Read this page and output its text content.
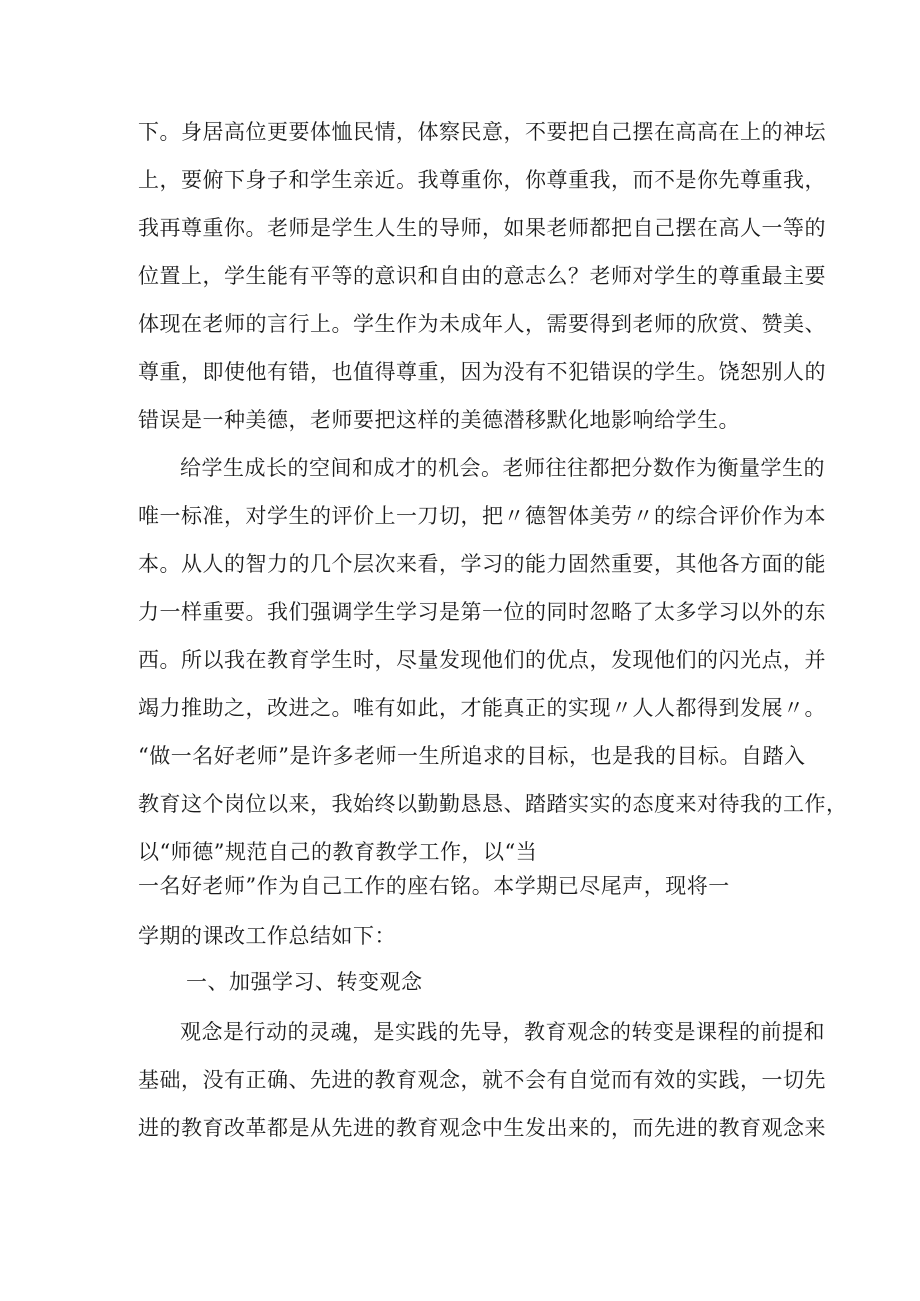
下。身居高位更要体恤民情，体察民意，不要把自己摆在高高在上的神坛
上，要俯下身子和学生亲近。我尊重你，你尊重我，而不是你先尊重我，
我再尊重你。老师是学生人生的导师，如果老师都把自己摆在高人一等的
位置上，学生能有平等的意识和自由的意志么？老师对学生的尊重最主要
体现在老师的言行上。学生作为未成年人，需要得到老师的欣赏、赞美、
尊重，即使他有错，也值得尊重，因为没有不犯错误的学生。饶恕别人的
错误是一种美德，老师要把这样的美德潜移默化地影响给学生。
给学生成长的空间和成才的机会。老师往往都把分数作为衡量学生的
唯一标准，对学生的评价上一刀切，把〃德智体美劳〃的综合评价作为本
本。从人的智力的几个层次来看，学习的能力固然重要，其他各方面的能
力一样重要。我们强调学生学习是第一位的同时忽略了太多学习以外的东
西。所以我在教育学生时，尽量发现他们的优点，发现他们的闪光点，并
竭力推助之，改进之。唯有如此，才能真正的实现〃人人都得到发展〃。
“做一名好老师”是许多老师一生所追求的目标，也是我的目标。自踏入
教育这个岗位以来，我始终以勤勤恳恳、踏踏实实的态度来对待我的工作，
以“师德”规范自己的教育教学工作，以“当
一名好老师”作为自己工作的座右铭。本学期已尽尾声，现将一
学期的课改工作总结如下：
一、加强学习、转变观念
观念是行动的灵魂，是实践的先导，教育观念的转变是课程的前提和
基础，没有正确、先进的教育观念，就不会有自觉而有效的实践，一切先
进的教育改革都是从先进的教育观念中生发出来的，而先进的教育观念来
